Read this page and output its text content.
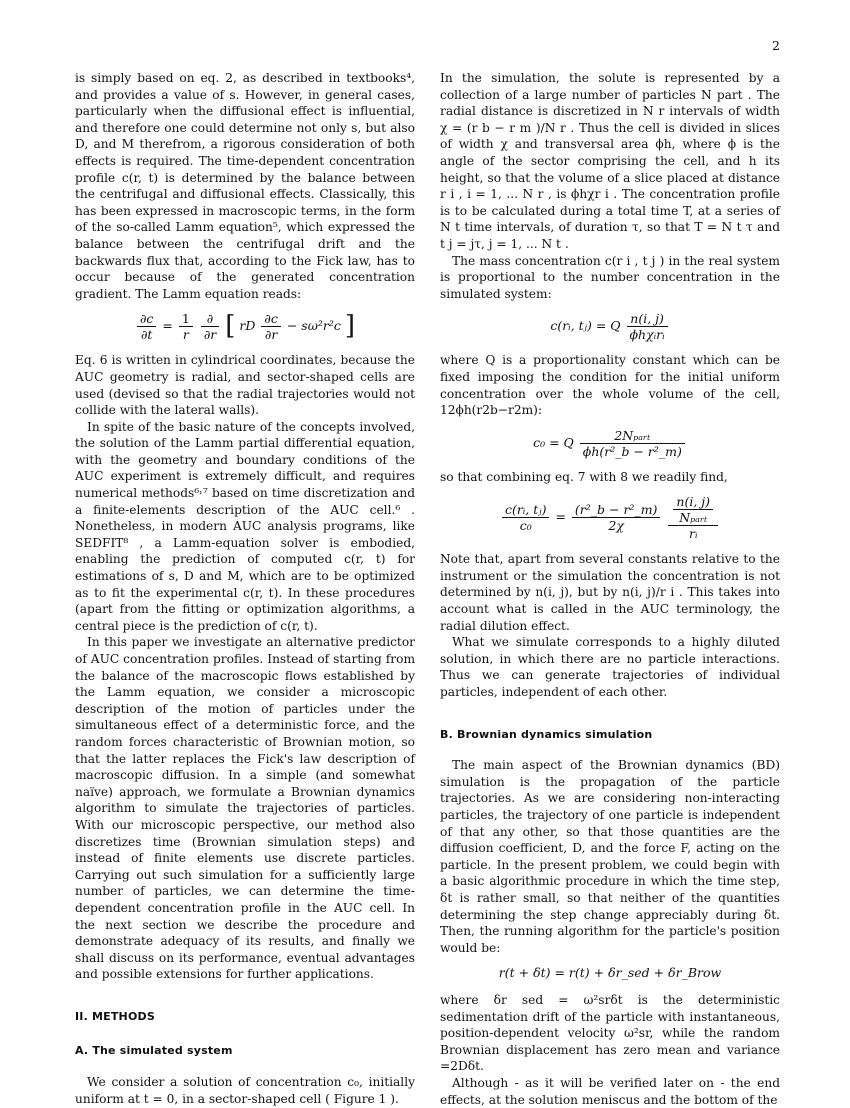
2

is simply based on eq. 2, as described in textbooks⁴, and provides a value of s. However, in general cases, particularly when the diffusional effect is influential, and therefore one could determine not only s, but also D, and M therefrom, a rigorous consideration of both effects is required. The time-dependent concentration profile c(r, t) is determined by the balance between the centrifugal and diffusional effects. Classically, this has been expressed in macroscopic terms, in the form of the so-called Lamm equation⁵, which expressed the balance between the centrifugal drift and the backwards flux that, according to the Fick law, has to occur because of the generated concentration gradient. The Lamm equation reads:

$\frac{\partial c}{\partial t} = \frac{1}{r}$
$\frac{\partial}{\partial r}$ [ rD $\frac{\partial c}{\partial r} - s\omega^2r^2c$ ]

Eq. 6 is written in cylindrical coordinates, because the AUC geometry is radial, and sector-shaped cells are used (devised so that the radial trajectories would not collide with the lateral walls).

In spite of the basic nature of the concepts involved, the solution of the Lamm partial differential equation, with the geometry and boundary conditions of the AUC experiment is extremely difficult, and requires numerical methods⁶˒⁷ based on time discretization and a finite-elements description of the AUC cell.⁶ . Nonetheless, in modern AUC analysis programs, like SEDFIT⁸ , a Lamm-equation solver is embodied, enabling the prediction of computed c(r, t) for estimations of s, D and M, which are to be optimized as to fit the experimental c(r, t). In these procedures (apart from the fitting or optimization algorithms, a central piece is the prediction of c(r, t).

In this paper we investigate an alternative predictor of AUC concentration profiles. Instead of starting from the balance of the macroscopic flows established by the Lamm equation, we consider a microscopic description of the motion of particles under the simultaneous effect of a deterministic force, and the random forces characteristic of Brownian motion, so that the latter replaces the Fick's law description of macroscopic diffusion. In a simple (and somewhat naïve) approach, we formulate a Brownian dynamics algorithm to simulate the trajectories of particles. With our microscopic perspective, our method also discretizes time (Brownian simulation steps) and instead of finite elements use discrete particles. Carrying out such simulation for a sufficiently large number of particles, we can determine the time-dependent concentration profile in the AUC cell. In the next section we describe the procedure and demonstrate adequacy of its results, and finally we shall discuss on its performance, eventual advantages and possible extensions for further applications.

II. METHODS
A. The simulated system

We consider a solution of concentration c₀, initially uniform at t = 0, in a sector-shaped cell ( Figure 1 ).

In the simulation, the solute is represented by a collection of a large number of particles N part . The radial distance is discretized in N r intervals of width χ = (r b − r m )/N r . Thus the cell is divided in slices of width χ and transversal area ϕh, where ϕ is the angle of the sector comprising the cell, and h its height, so that the volume of a slice placed at distance r i , i = 1, ... N r , is ϕhχr i . The concentration profile is to be calculated during a total time T, at a series of N t time intervals, of duration τ, so that T = N t τ and t j = jτ, j = 1, ... N t .

The mass concentration c(r i , t j ) in the real system is proportional to the number concentration in the simulated system:

c(rᵢ, tⱼ) = Q $\frac{n(i, j)}{\text{ϕhχᵢrᵢ}}$

where Q is a proportionality constant which can be fixed imposing the condition for the initial uniform concentration over the whole volume of the cell, 12ϕh(r2b−r2m):

c₀ = Q $\frac{\text{2Nₚₐᵣₜ}}{\text{ϕh(r²\_b − r²\_m)}}$

so that combining eq. 7 with 8 we readily find,

$\frac{\text{c(rᵢ, tⱼ)}}{\text{c₀}} = \frac{\text{(r²\_b − r²\_m)}}{2\chi}$
$\frac{\frac{n(i, j)}{\text{Nₚₐᵣₜ}}}{\text{rᵢ}}$

Note that, apart from several constants relative to the instrument or the simulation the concentration is not determined by n(i, j), but by n(i, j)/r i . This takes into account what is called in the AUC terminology, the radial dilution effect.

What we simulate corresponds to a highly diluted solution, in which there are no particle interactions. Thus we can generate trajectories of individual particles, independent of each other.

B. Brownian dynamics simulation

The main aspect of the Brownian dynamics (BD) simulation is the propagation of the particle trajectories. As we are considering non-interacting particles, the trajectory of one particle is independent of that any other, so that those quantities are the diffusion coefficient, D, and the force F, acting on the particle. In the present problem, we could begin with a basic algorithmic procedure in which the time step, δt is rather small, so that neither of the quantities determining the step change appreciably during δt. Then, the running algorithm for the particle's position would be:

r(t + δt) = r(t) + δr_sed + δr_Brow

where δr sed = ω²srδt is the deterministic sedimentation drift of the particle with instantaneous, position-dependent velocity ω²sr, while the random Brownian displacement has zero mean and variance =2Dδt.

Although - as it will be verified later on - the end effects, at the solution meniscus and the bottom of the
